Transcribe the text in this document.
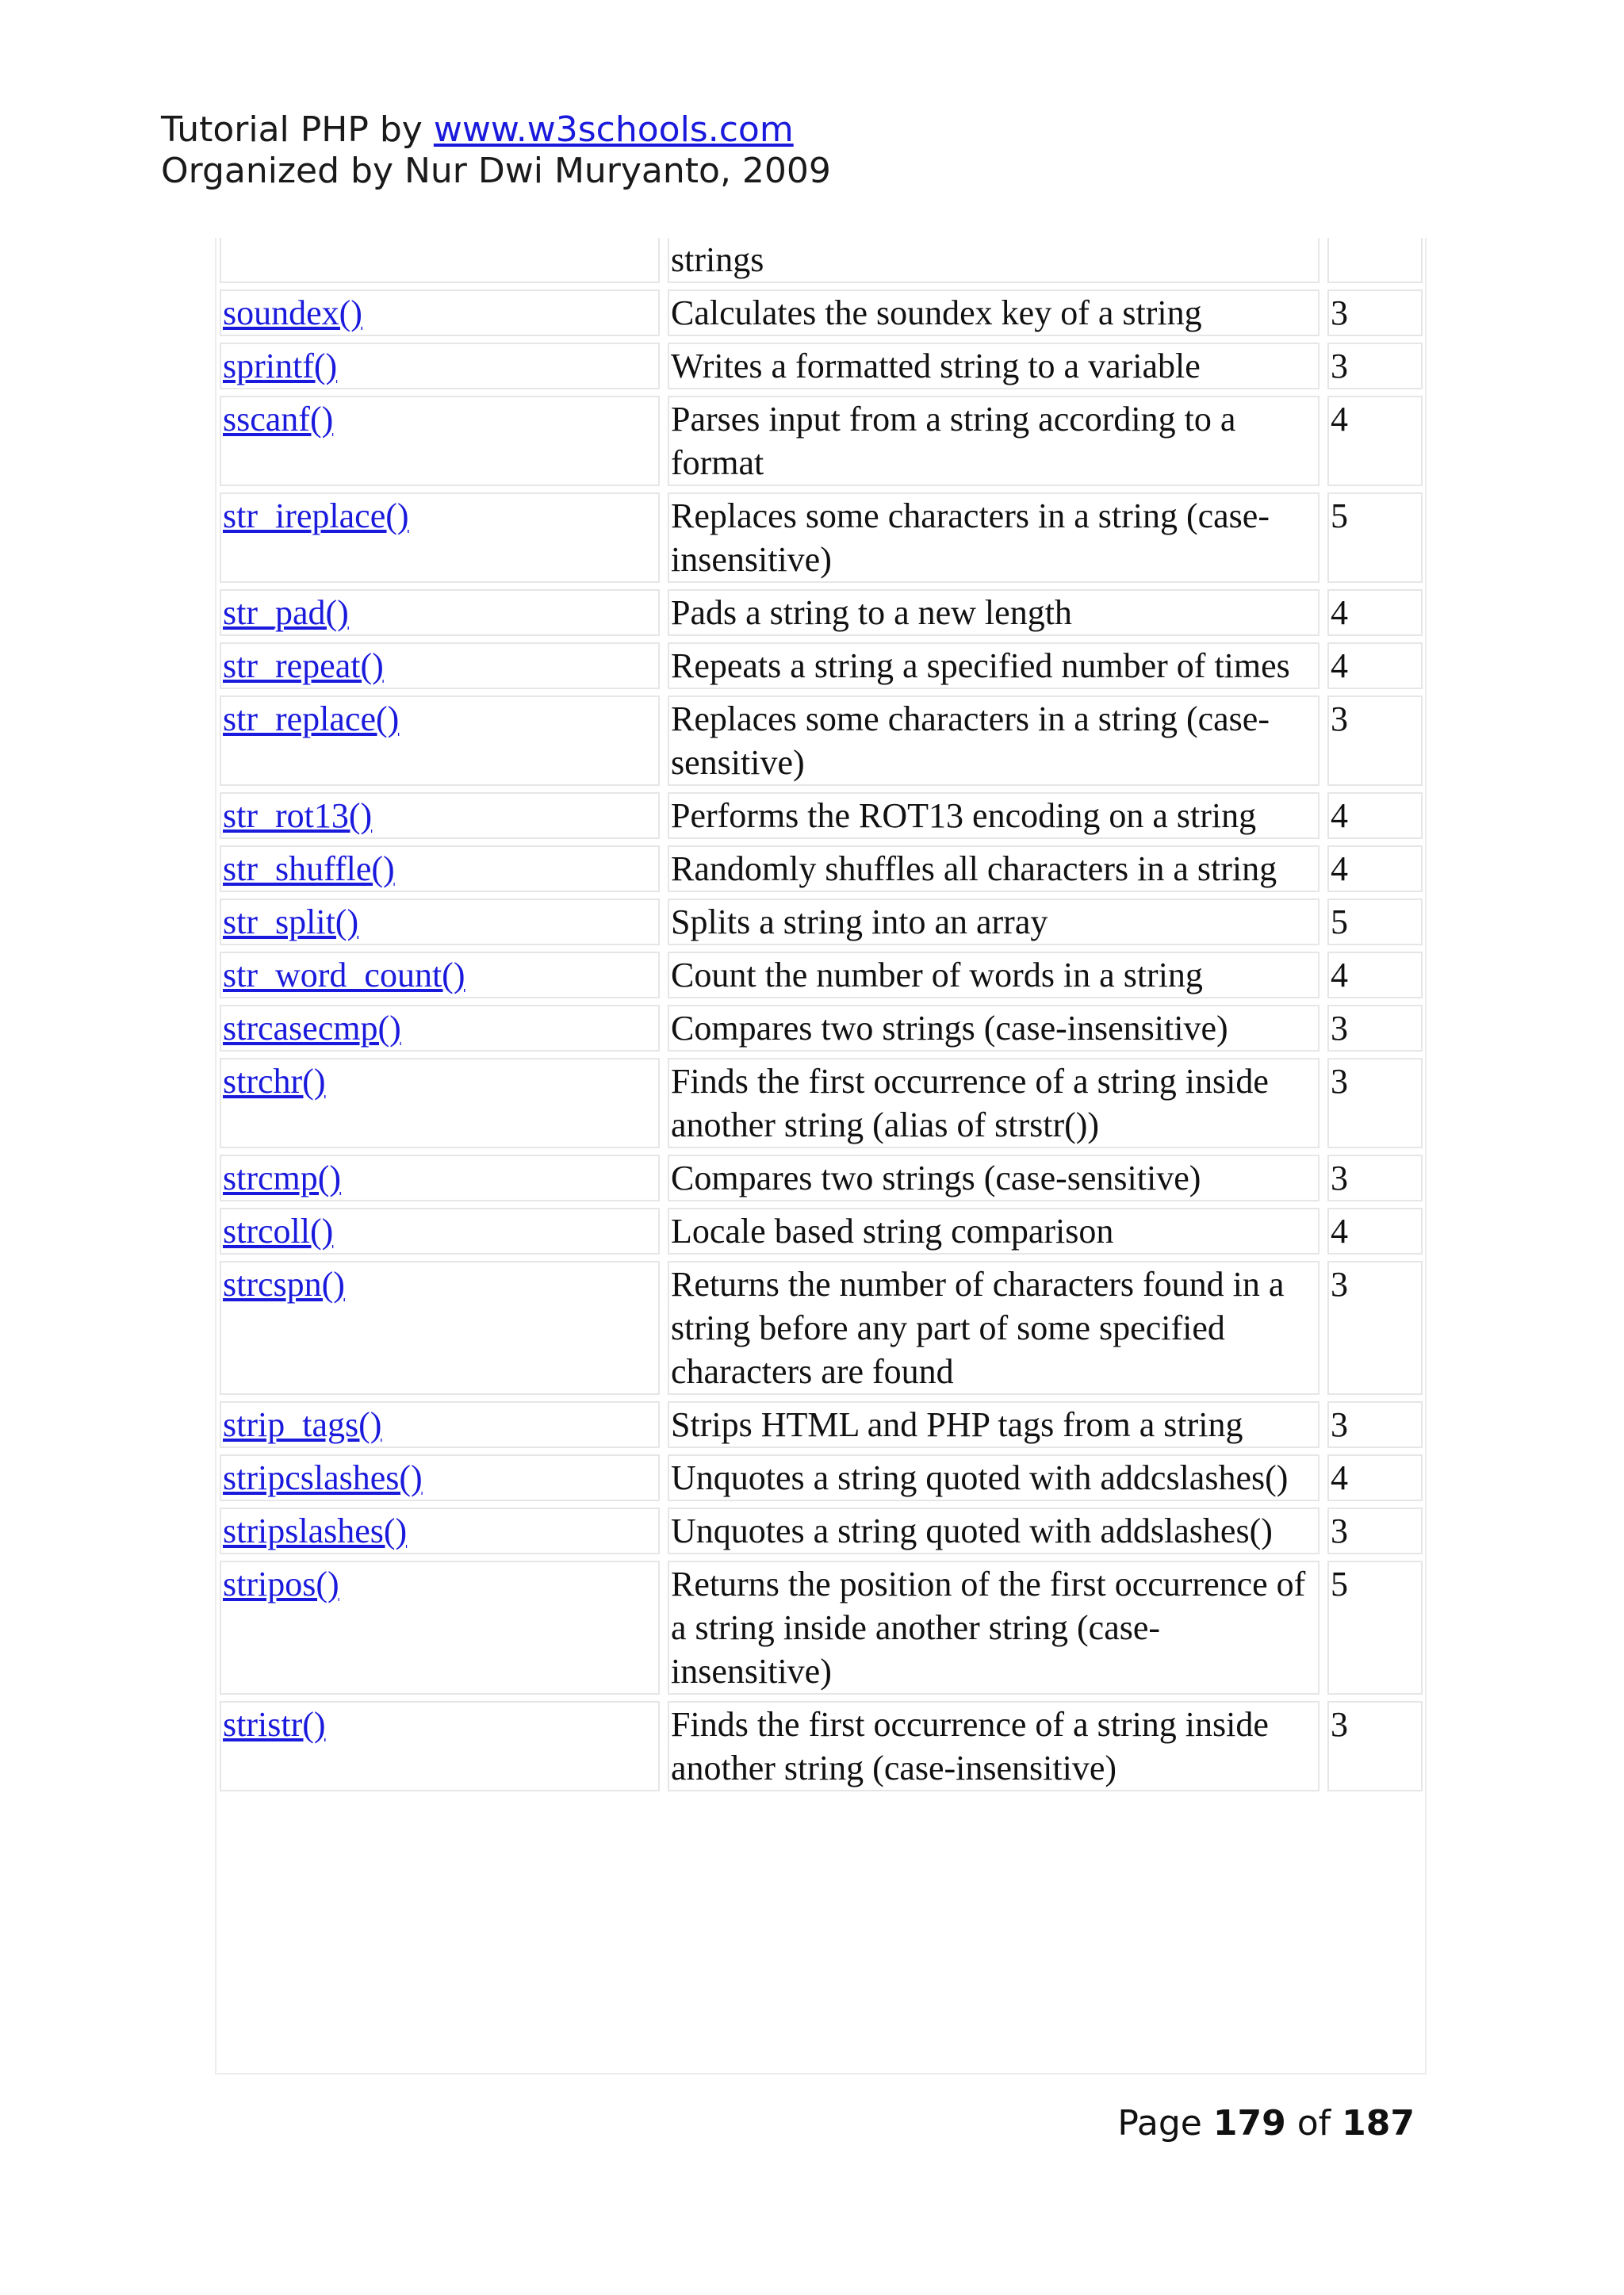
Tutorial PHP by www.w3schools.com
Organized by Nur Dwi Muryanto, 2009
		strings		
soundex()		Calculates the soundex key of a string		3
sprintf()		Writes a formatted string to a variable		3
sscanf()		Parses input from a string according to a format		4
str_ireplace()		Replaces some characters in a string (case-insensitive)		5
str_pad()		Pads a string to a new length		4
str_repeat()		Repeats a string a specified number of times		4
str_replace()		Replaces some characters in a string (case-sensitive)		3
str_rot13()		Performs the ROT13 encoding on a string		4
str_shuffle()		Randomly shuffles all characters in a string		4
str_split()		Splits a string into an array		5
str_word_count()		Count the number of words in a string		4
strcasecmp()		Compares two strings (case-insensitive)		3
strchr()		Finds the first occurrence of a string inside another string (alias of strstr())		3
strcmp()		Compares two strings (case-sensitive)		3
strcoll()		Locale based string comparison		4
strcspn()		Returns the number of characters found in a string before any part of some specified characters are found		3
strip_tags()		Strips HTML and PHP tags from a string		3
stripcslashes()		Unquotes a string quoted with addcslashes()		4
stripslashes()		Unquotes a string quoted with addslashes()		3
stripos()		Returns the position of the first occurrence of a string inside another string (case-insensitive)		5
stristr()		Finds the first occurrence of a string inside another string (case-insensitive)		3
Page 179 of 187
